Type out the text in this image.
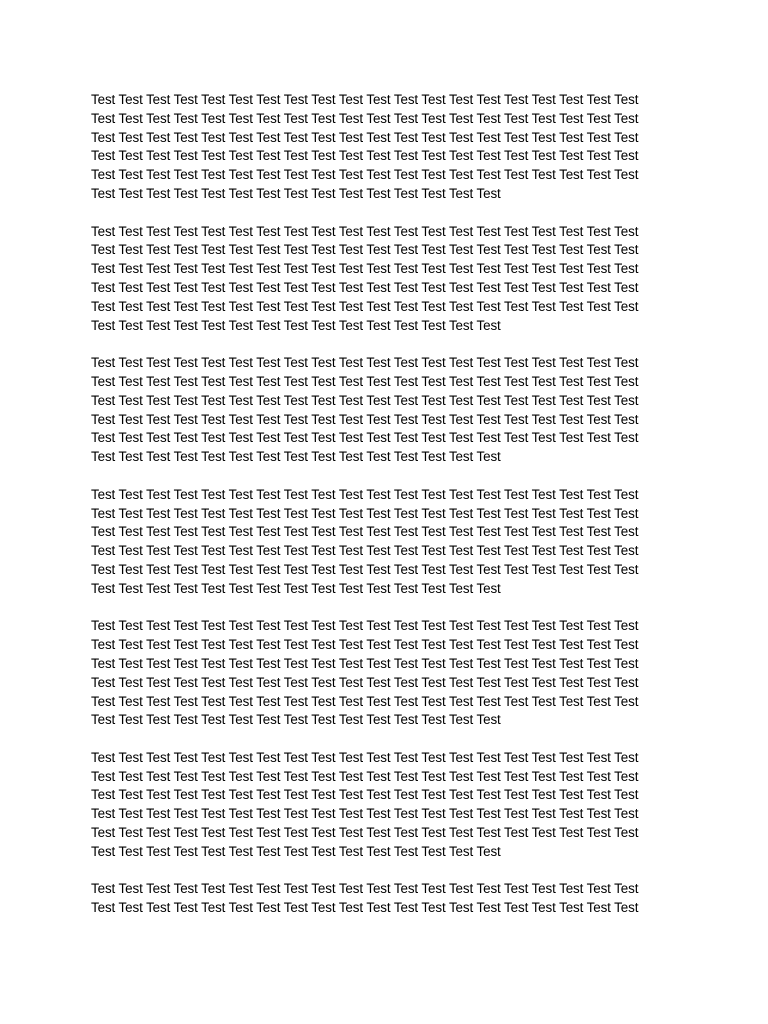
Test Test Test Test Test Test Test Test Test Test Test Test Test Test Test Test Test Test Test Test
Test Test Test Test Test Test Test Test Test Test Test Test Test Test Test Test Test Test Test Test
Test Test Test Test Test Test Test Test Test Test Test Test Test Test Test Test Test Test Test Test
Test Test Test Test Test Test Test Test Test Test Test Test Test Test Test Test Test Test Test Test
Test Test Test Test Test Test Test Test Test Test Test Test Test Test Test Test Test Test Test Test
Test Test Test Test Test Test Test Test Test Test Test Test Test Test Test

Test Test Test Test Test Test Test Test Test Test Test Test Test Test Test Test Test Test Test Test
Test Test Test Test Test Test Test Test Test Test Test Test Test Test Test Test Test Test Test Test
Test Test Test Test Test Test Test Test Test Test Test Test Test Test Test Test Test Test Test Test
Test Test Test Test Test Test Test Test Test Test Test Test Test Test Test Test Test Test Test Test
Test Test Test Test Test Test Test Test Test Test Test Test Test Test Test Test Test Test Test Test
Test Test Test Test Test Test Test Test Test Test Test Test Test Test Test

Test Test Test Test Test Test Test Test Test Test Test Test Test Test Test Test Test Test Test Test
Test Test Test Test Test Test Test Test Test Test Test Test Test Test Test Test Test Test Test Test
Test Test Test Test Test Test Test Test Test Test Test Test Test Test Test Test Test Test Test Test
Test Test Test Test Test Test Test Test Test Test Test Test Test Test Test Test Test Test Test Test
Test Test Test Test Test Test Test Test Test Test Test Test Test Test Test Test Test Test Test Test
Test Test Test Test Test Test Test Test Test Test Test Test Test Test Test

Test Test Test Test Test Test Test Test Test Test Test Test Test Test Test Test Test Test Test Test
Test Test Test Test Test Test Test Test Test Test Test Test Test Test Test Test Test Test Test Test
Test Test Test Test Test Test Test Test Test Test Test Test Test Test Test Test Test Test Test Test
Test Test Test Test Test Test Test Test Test Test Test Test Test Test Test Test Test Test Test Test
Test Test Test Test Test Test Test Test Test Test Test Test Test Test Test Test Test Test Test Test
Test Test Test Test Test Test Test Test Test Test Test Test Test Test Test

Test Test Test Test Test Test Test Test Test Test Test Test Test Test Test Test Test Test Test Test
Test Test Test Test Test Test Test Test Test Test Test Test Test Test Test Test Test Test Test Test
Test Test Test Test Test Test Test Test Test Test Test Test Test Test Test Test Test Test Test Test
Test Test Test Test Test Test Test Test Test Test Test Test Test Test Test Test Test Test Test Test
Test Test Test Test Test Test Test Test Test Test Test Test Test Test Test Test Test Test Test Test
Test Test Test Test Test Test Test Test Test Test Test Test Test Test Test

Test Test Test Test Test Test Test Test Test Test Test Test Test Test Test Test Test Test Test Test
Test Test Test Test Test Test Test Test Test Test Test Test Test Test Test Test Test Test Test Test
Test Test Test Test Test Test Test Test Test Test Test Test Test Test Test Test Test Test Test Test
Test Test Test Test Test Test Test Test Test Test Test Test Test Test Test Test Test Test Test Test
Test Test Test Test Test Test Test Test Test Test Test Test Test Test Test Test Test Test Test Test
Test Test Test Test Test Test Test Test Test Test Test Test Test Test Test

Test Test Test Test Test Test Test Test Test Test Test Test Test Test Test Test Test Test Test Test
Test Test Test Test Test Test Test Test Test Test Test Test Test Test Test Test Test Test Test Test
